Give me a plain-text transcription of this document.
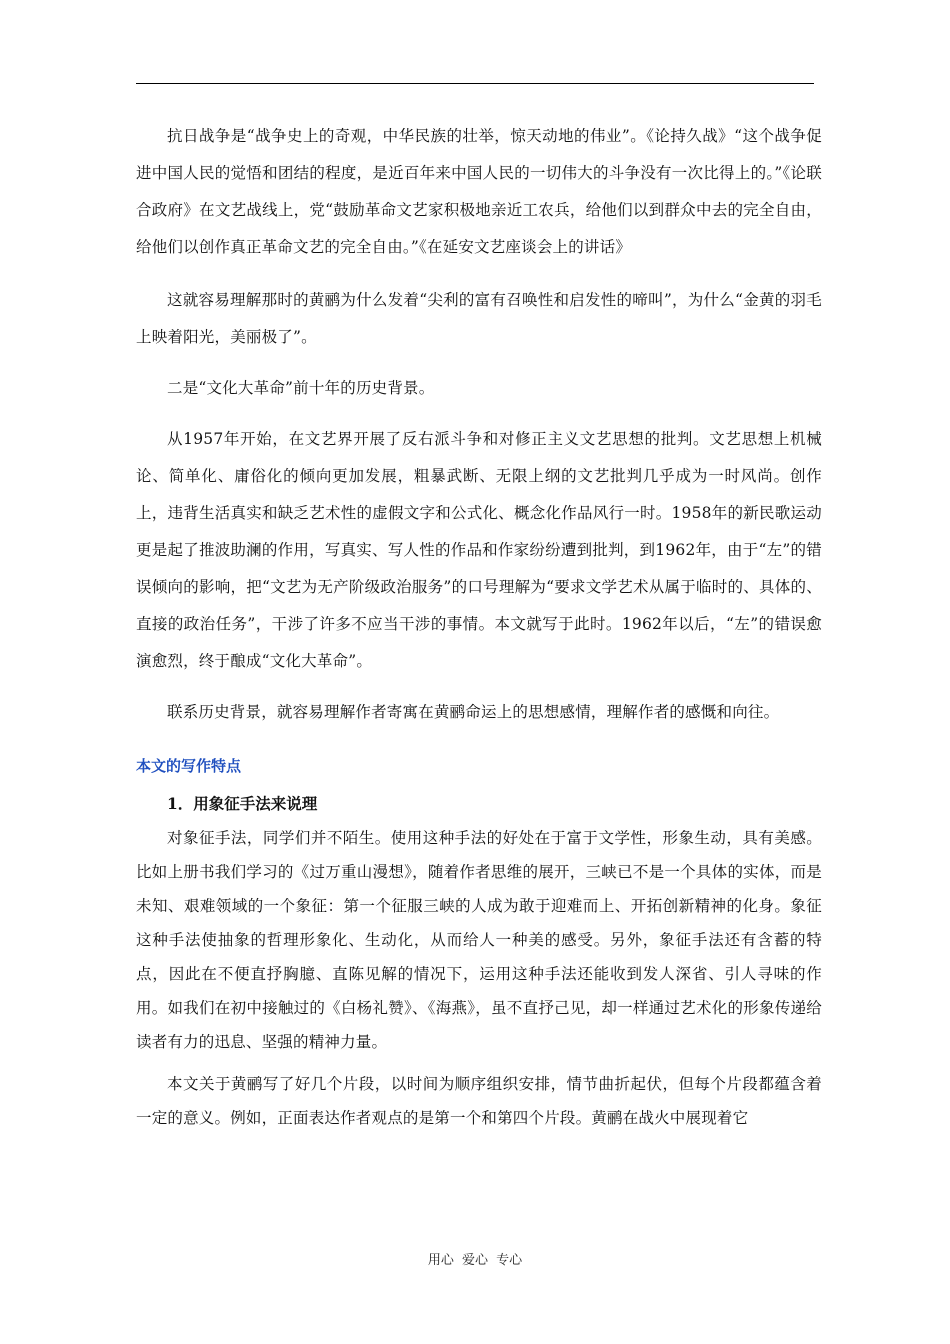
抗日战争是“战争史上的奇观，中华民族的壮举，惊天动地的伟业”。《论持久战》“这个战争促进中国人民的觉悟和团结的程度，是近百年来中国人民的一切伟大的斗争没有一次比得上的。”《论联合政府》在文艺战线上，党“鼓励革命文艺家积极地亲近工农兵，给他们以到群众中去的完全自由，给他们以创作真正革命文艺的完全自由。”《在延安文艺座谈会上的讲话》

这就容易理解那时的黄鹂为什么发着“尖利的富有召唤性和启发性的啼叫”，为什么“金黄的羽毛上映着阳光，美丽极了”。

二是“文化大革命”前十年的历史背景。

从1957年开始，在文艺界开展了反右派斗争和对修正主义文艺思想的批判。文艺思想上机械论、简单化、庸俗化的倾向更加发展，粗暴武断、无限上纲的文艺批判几乎成为一时风尚。创作上，违背生活真实和缺乏艺术性的虚假文字和公式化、概念化作品风行一时。1958年的新民歌运动更是起了推波助澜的作用，写真实、写人性的作品和作家纷纷遭到批判，到1962年，由于“左”的错误倾向的影响，把“文艺为无产阶级政治服务”的口号理解为“要求文学艺术从属于临时的、具体的、直接的政治任务”，干涉了许多不应当干涉的事情。本文就写于此时。1962年以后，“左”的错误愈演愈烈，终于酿成“文化大革命”。

联系历史背景，就容易理解作者寄寓在黄鹂命运上的思想感情，理解作者的感慨和向往。

本文的写作特点
1．用象征手法来说理

对象征手法，同学们并不陌生。使用这种手法的好处在于富于文学性，形象生动，具有美感。比如上册书我们学习的《过万重山漫想》，随着作者思维的展开，三峡已不是一个具体的实体，而是未知、艰难领域的一个象征：第一个征服三峡的人成为敢于迎难而上、开拓创新精神的化身。象征这种手法使抽象的哲理形象化、生动化，从而给人一种美的感受。另外，象征手法还有含蓄的特点，因此在不便直抒胸臆、直陈见解的情况下，运用这种手法还能收到发人深省、引人寻味的作用。如我们在初中接触过的《白杨礼赞》、《海燕》，虽不直抒己见，却一样通过艺术化的形象传递给读者有力的迅息、坚强的精神力量。

本文关于黄鹂写了好几个片段，以时间为顺序组织安排，情节曲折起伏，但每个片段都蕴含着一定的意义。例如，正面表达作者观点的是第一个和第四个片段。黄鹂在战火中展现着它

用心 爱心 专心
